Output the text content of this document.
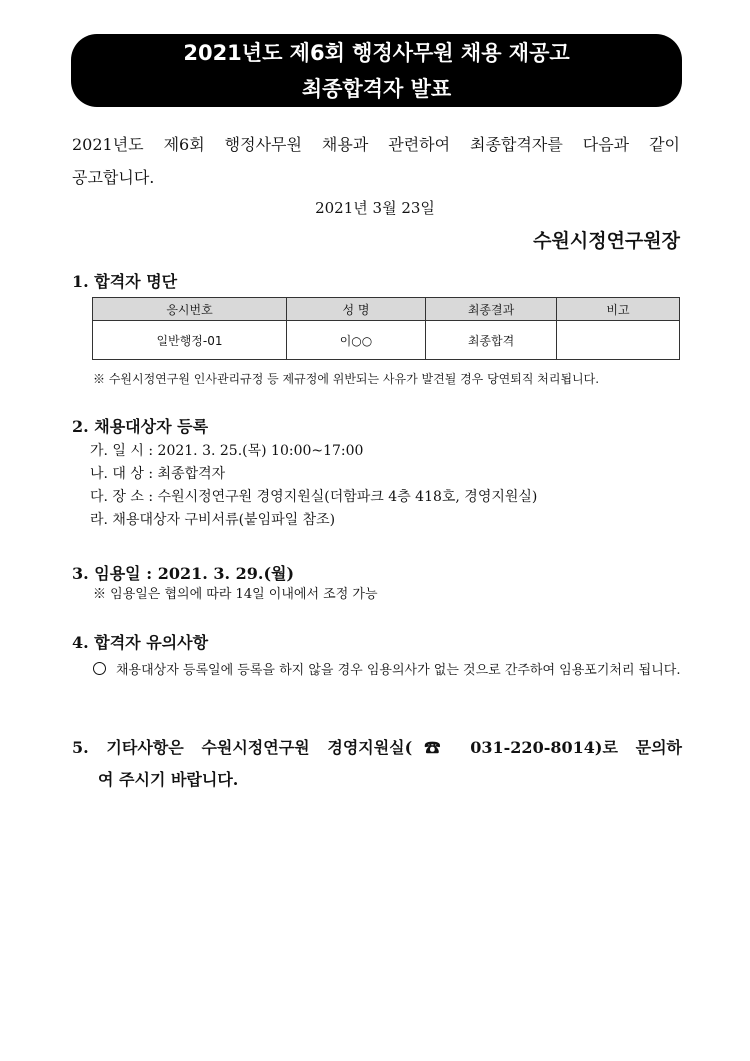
2021년도 제6회 행정사무원 채용 재공고
최종합격자 발표
2021년도 제6회 행정사무원 채용과 관련하여 최종합격자를 다음과 같이
공고합니다.
2021년 3월 23일
수원시정연구원장
1. 합격자 명단
응시번호	성 명	최종결과	비고
일반행정-01	이○○	최종합격	
※ 수원시정연구원 인사관리규정 등 제규정에 위반되는 사유가 발견될 경우 당연퇴직 처리됩니다.
2. 채용대상자 등록
가. 일 시 : 2021. 3. 25.(목) 10:00~17:00
나. 대 상 : 최종합격자
다. 장 소 : 수원시정연구원 경영지원실(더함파크 4층 418호, 경영지원실)
라. 채용대상자 구비서류(붙임파일 참조)
3. 임용일 : 2021. 3. 29.(월)
※ 임용일은 협의에 따라 14일 이내에서 조정 가능
4. 합격자 유의사항
채용대상자 등록일에 등록을 하지 않을 경우 임용의사가 없는 것으로 간주하여 임용포기처리 됩니다.
5. 기타사항은 수원시정연구원 경영지원실(☎ 031-220-8014)로 문의하
여 주시기 바랍니다.
